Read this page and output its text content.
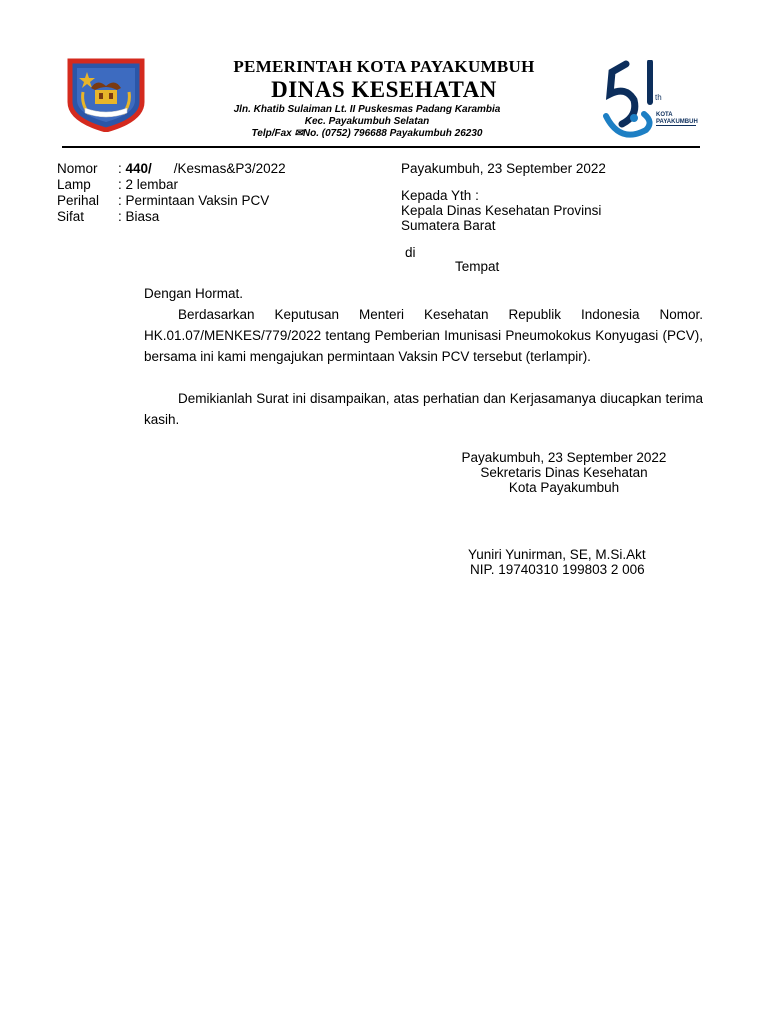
PEMERINTAH KOTA PAYAKUMBUH
DINAS KESEHATAN
Jln. Khatib Sulaiman Lt. II Puskesmas Padang Karambia
Kec. Payakumbuh Selatan
Telp/Fax ✉No. (0752) 796688 Payakumbuh 26230
th
KOTA
PAYAKUMBUH
Nomor : 440/ /Kesmas&P3/2022
Lamp : 2 lembar
Perihal : Permintaan Vaksin PCV
Sifat	: Biasa
Payakumbuh, 23 September 2022
Kepada Yth :
Kepala Dinas Kesehatan Provinsi
Sumatera Barat
di
Tempat
Dengan Hormat.
Berdasarkan Keputusan Menteri Kesehatan Republik Indonesia Nomor. HK.01.07/MENKES/779/2022 tentang Pemberian Imunisasi Pneumokokus Konyugasi (PCV), bersama ini kami mengajukan permintaan Vaksin PCV tersebut (terlampir).
Demikianlah Surat ini disampaikan, atas perhatian dan Kerjasamanya diucapkan terima kasih.
Payakumbuh, 23 September 2022
Sekretaris Dinas Kesehatan
Kota Payakumbuh
Yuniri Yunirman, SE, M.Si.Akt
NIP. 19740310 199803 2 006
